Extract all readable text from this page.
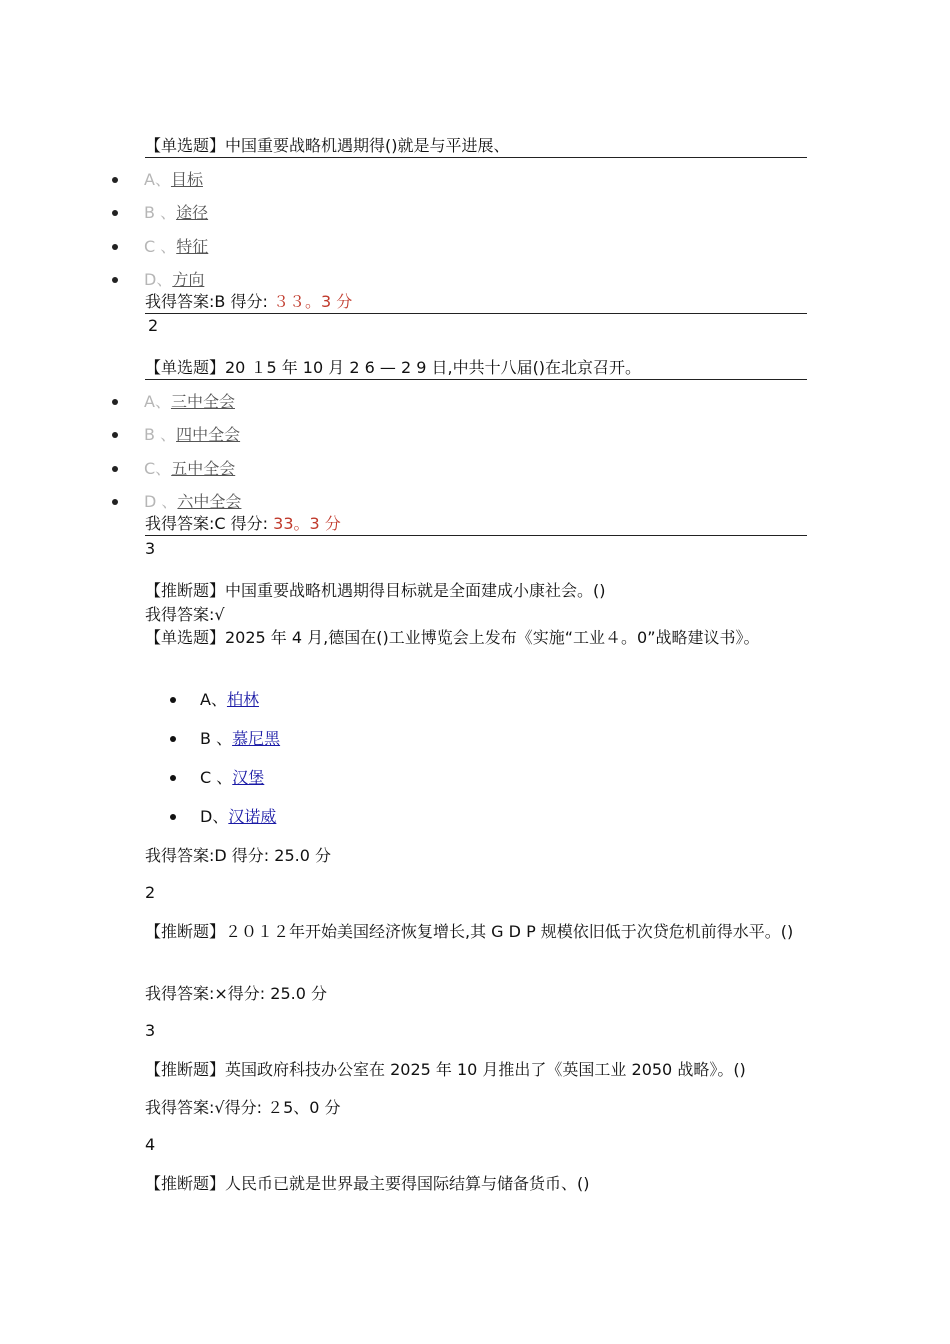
【单选题】中国重要战略机遇期得()就是与平进展、
A、目标
B 、途径
C 、特征
D、方向
我得答案:B 得分: ３３。3 分
2
【单选题】20 １5 年 10 月 2 6 — 2 9 日,中共十八届()在北京召开。
A、三中全会
B 、四中全会
C、五中全会
D 、六中全会
我得答案:C 得分: 33。3 分
3
【推断题】中国重要战略机遇期得目标就是全面建成小康社会。()
我得答案:√
【单选题】2025 年 4 月,德国在()工业博览会上发布《实施“工业４。0”战略建议书》。
A、柏林
B 、慕尼黑
C 、汉堡
D、汉诺威
我得答案:D 得分: 25.0 分
2
【推断题】２０１２年开始美国经济恢复增长,其 G D P 规模依旧低于次贷危机前得水平。()
我得答案:×得分: 25.0 分
3
【推断题】英国政府科技办公室在 2025 年 10 月推出了《英国工业 2050 战略》。()
我得答案:√得分: ２5、0 分
4
【推断题】人民币已就是世界最主要得国际结算与储备货币、()
